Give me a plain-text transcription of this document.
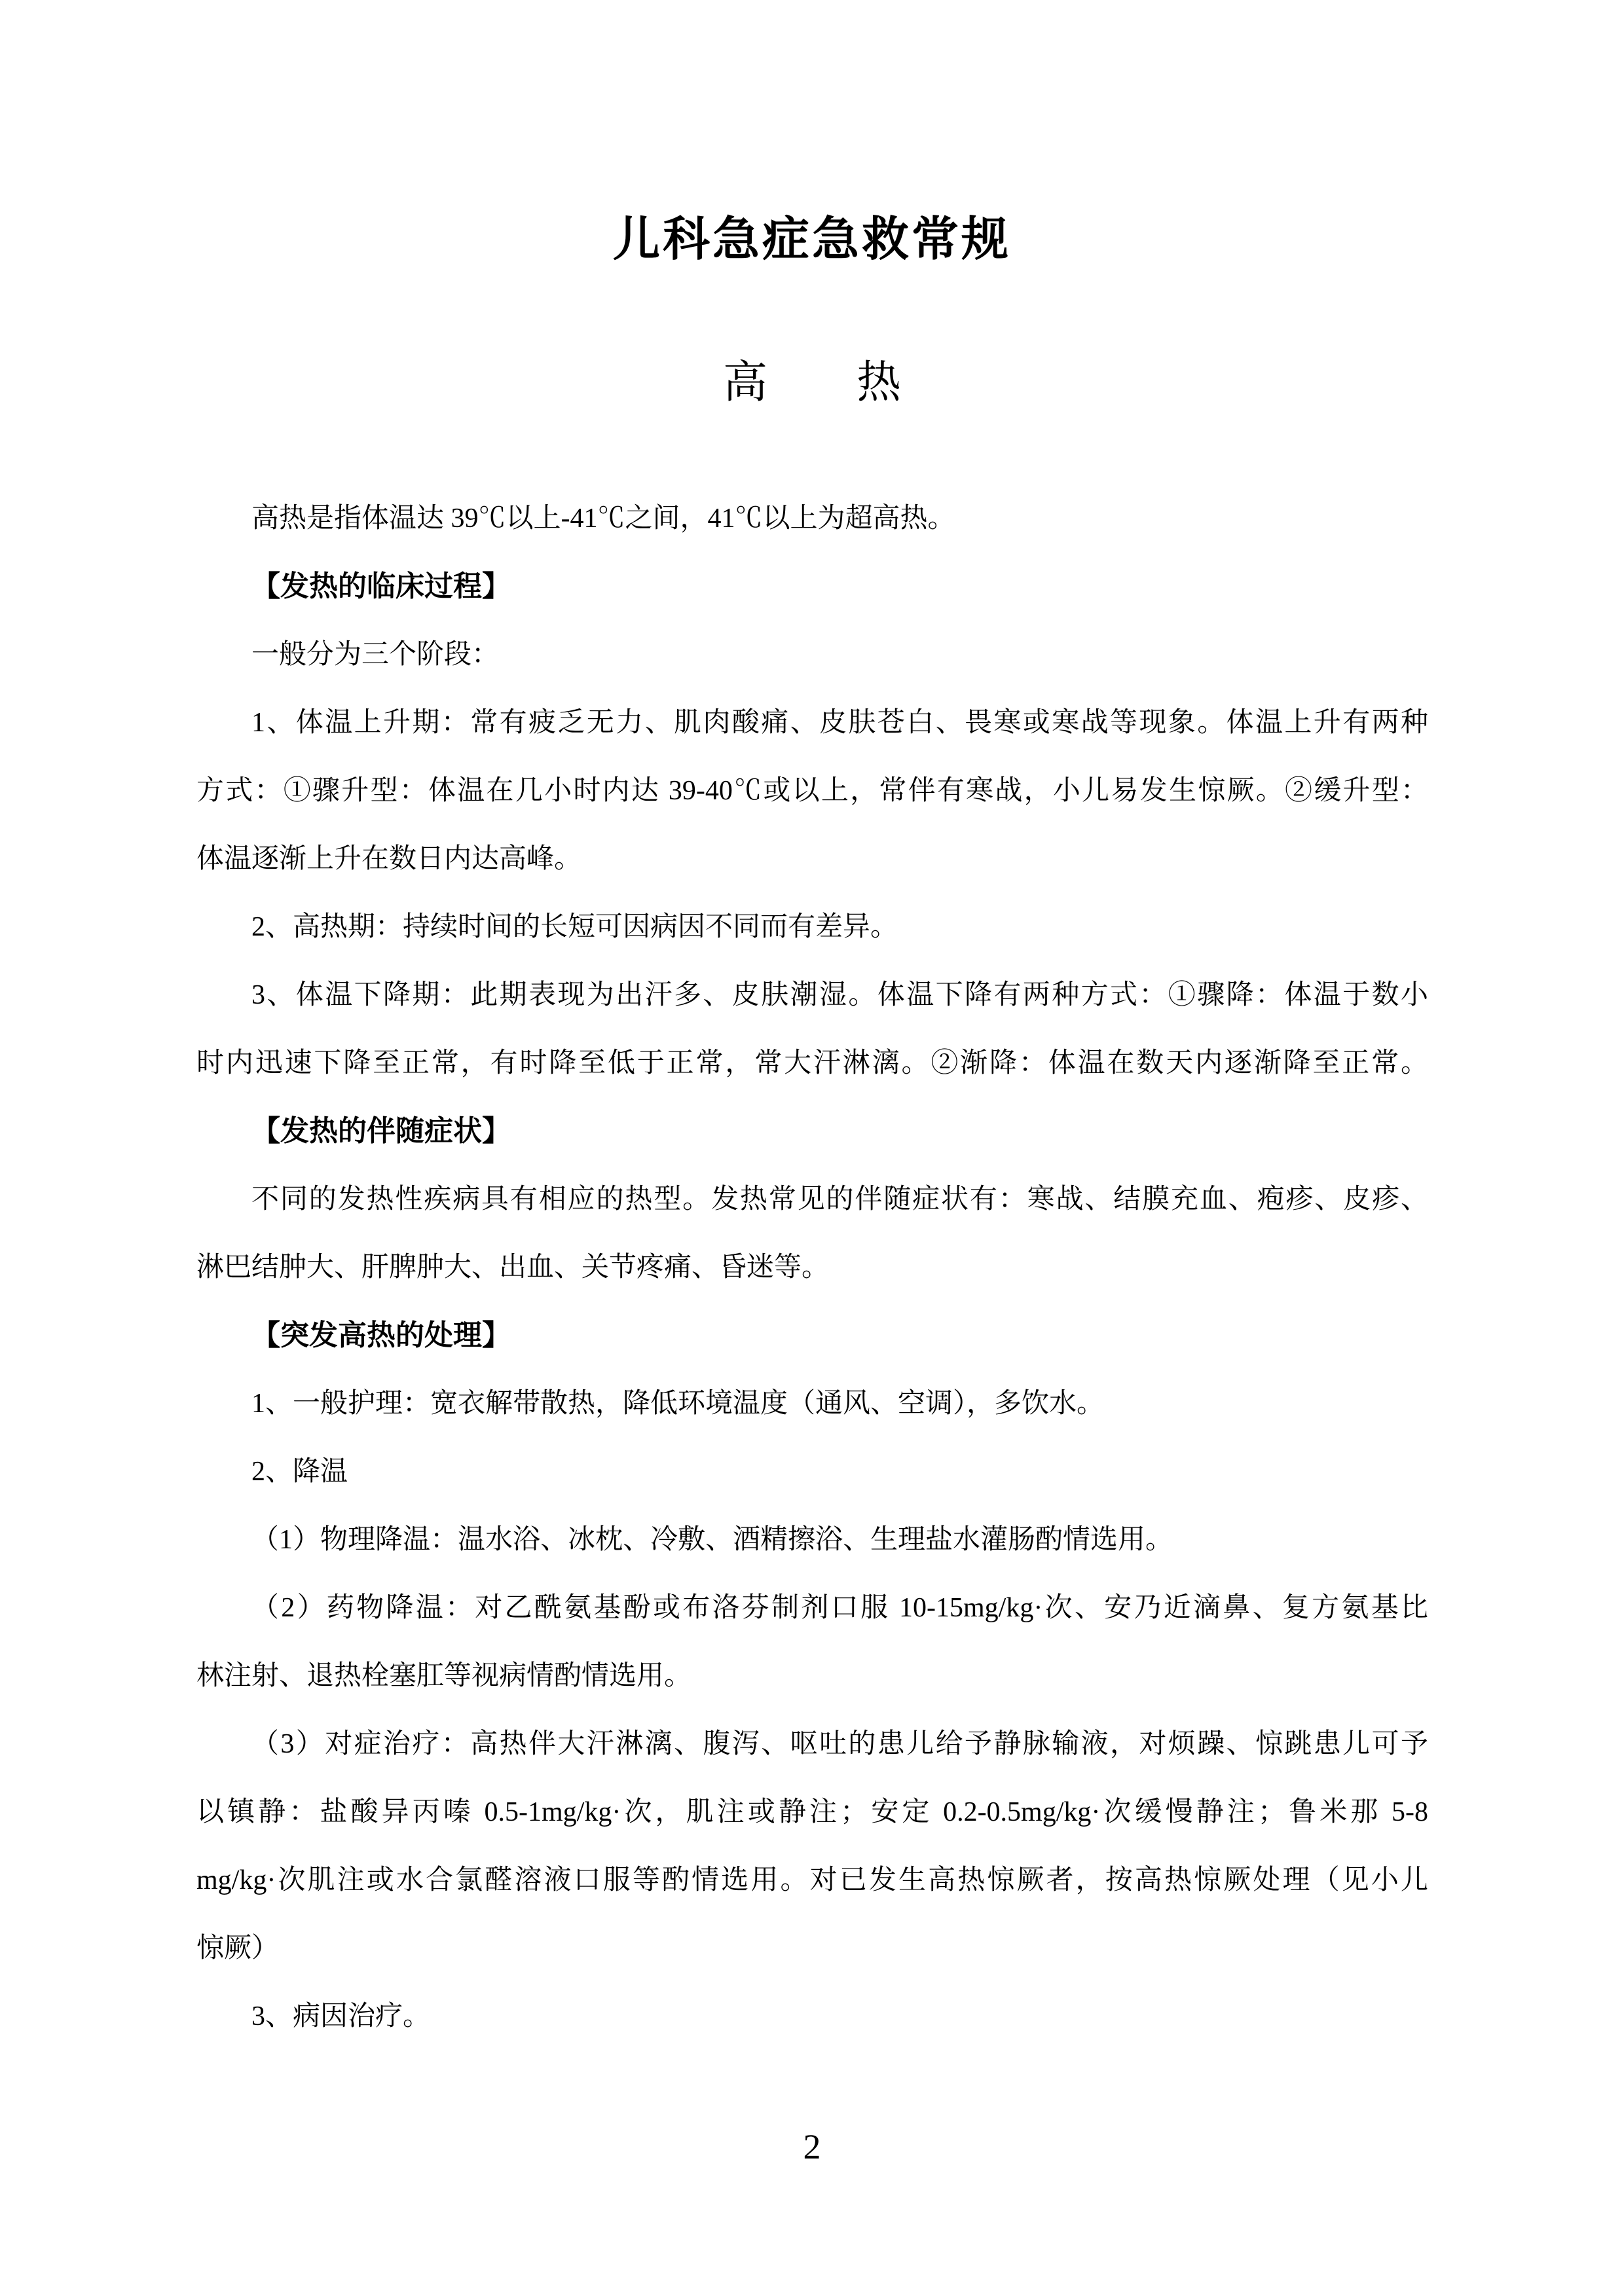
儿科急症急救常规
高　　热
高热是指体温达 39℃以上-41℃之间，41℃以上为超高热。
【发热的临床过程】
一般分为三个阶段：
1、体温上升期：常有疲乏无力、肌肉酸痛、皮肤苍白、畏寒或寒战等现象。体温上升有两种
方式：①骤升型：体温在几小时内达 39-40℃或以上，常伴有寒战，小儿易发生惊厥。②缓升型：
体温逐渐上升在数日内达高峰。
2、高热期：持续时间的长短可因病因不同而有差异。
3、体温下降期：此期表现为出汗多、皮肤潮湿。体温下降有两种方式：①骤降：体温于数小
时内迅速下降至正常，有时降至低于正常，常大汗淋漓。②渐降：体温在数天内逐渐降至正常。
【发热的伴随症状】
不同的发热性疾病具有相应的热型。发热常见的伴随症状有：寒战、结膜充血、疱疹、皮疹、
淋巴结肿大、肝脾肿大、出血、关节疼痛、昏迷等。
【突发高热的处理】
1、一般护理：宽衣解带散热，降低环境温度（通风、空调），多饮水。
2、降温
（1）物理降温：温水浴、冰枕、冷敷、酒精擦浴、生理盐水灌肠酌情选用。
（2）药物降温：对乙酰氨基酚或布洛芬制剂口服 10-15mg/kg·次、安乃近滴鼻、复方氨基比
林注射、退热栓塞肛等视病情酌情选用。
（3）对症治疗：高热伴大汗淋漓、腹泻、呕吐的患儿给予静脉输液，对烦躁、惊跳患儿可予
以镇静：盐酸异丙嗪 0.5-1mg/kg·次，肌注或静注；安定 0.2-0.5mg/kg·次缓慢静注；鲁米那 5-8
mg/kg·次肌注或水合氯醛溶液口服等酌情选用。对已发生高热惊厥者，按高热惊厥处理（见小儿
惊厥）
3、病因治疗。
2
